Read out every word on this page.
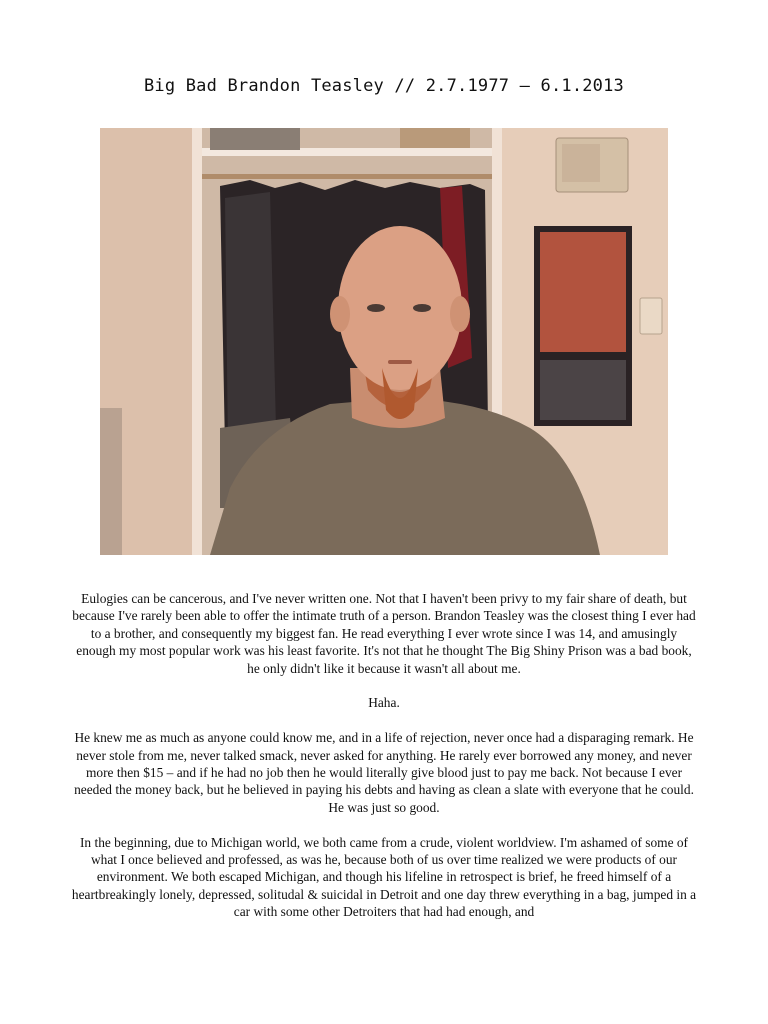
Big Bad Brandon Teasley // 2.7.1977 – 6.1.2013

Eulogies can be cancerous, and I've never written one. Not that I haven't been privy to my fair share of death, but because I've rarely been able to offer the intimate truth of a person. Brandon Teasley was the closest thing I ever had to a brother, and consequently my biggest fan. He read everything I ever wrote since I was 14, and amusingly enough my most popular work was his least favorite. It's not that he thought The Big Shiny Prison was a bad book, he only didn't like it because it wasn't all about me.

Haha.

He knew me as much as anyone could know me, and in a life of rejection, never once had a disparaging remark. He never stole from me, never talked smack, never asked for anything. He rarely ever borrowed any money, and never more then $15 – and if he had no job then he would literally give blood just to pay me back. Not because I ever needed the money back, but he believed in paying his debts and having as clean a slate with everyone that he could. He was just so good.

In the beginning, due to Michigan world, we both came from a crude, violent worldview. I'm ashamed of some of what I once believed and professed, as was he, because both of us over time realized we were products of our environment. We both escaped Michigan, and though his lifeline in retrospect is brief, he freed himself of a heartbreakingly lonely, depressed, solitudal & suicidal in Detroit and one day threw everything in a bag, jumped in a car with some other Detroiters that had had enough, and
